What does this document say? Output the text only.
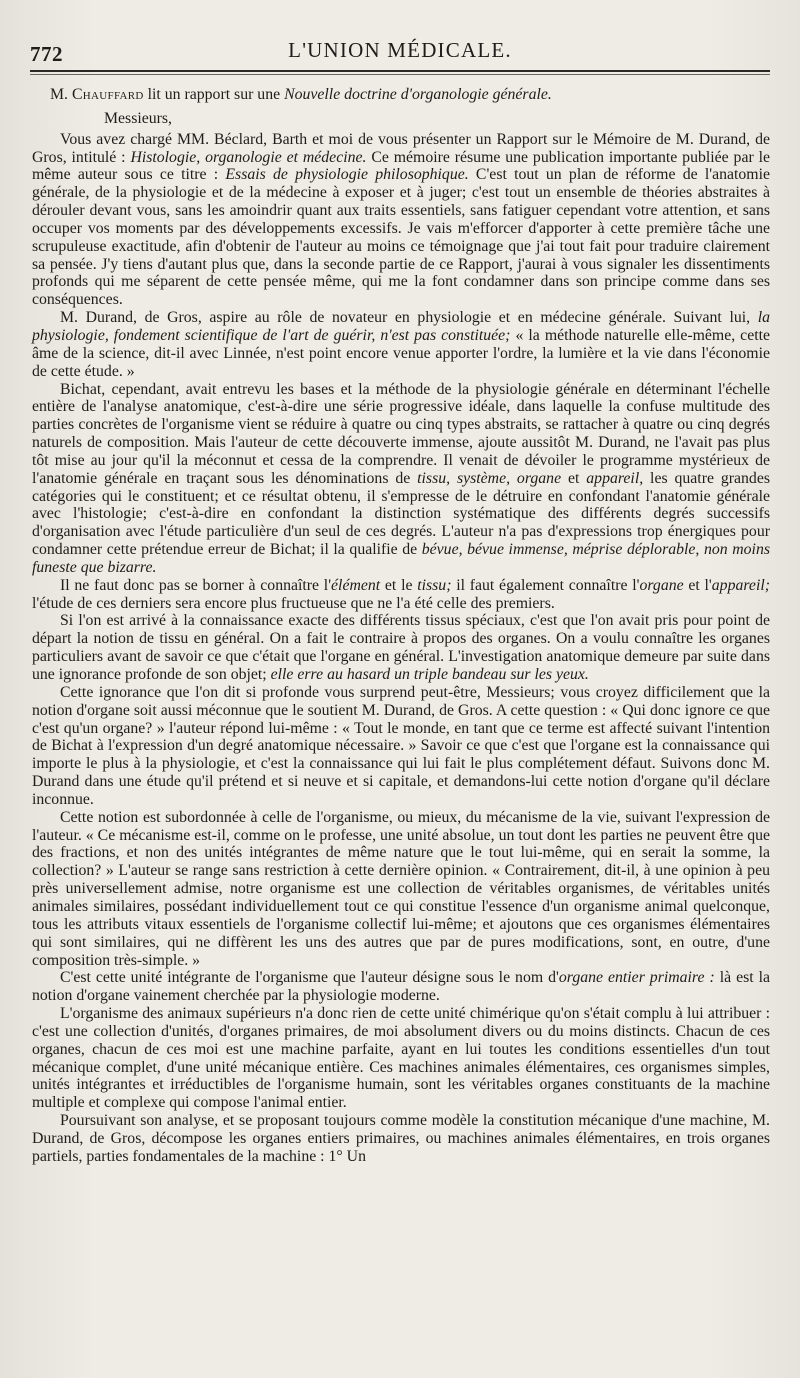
772	L'UNION MÉDICALE.

M. Chauffard lit un rapport sur une Nouvelle doctrine d'organologie générale.

Messieurs,

Vous avez chargé MM. Béclard, Barth et moi de vous présenter un Rapport sur le Mémoire de M. Durand, de Gros, intitulé : Histologie, organologie et médecine. Ce mémoire résume une publication importante publiée par le même auteur sous ce titre : Essais de physiologie philosophique. C'est tout un plan de réforme de l'anatomie générale, de la physiologie et de la médecine à exposer et à juger; c'est tout un ensemble de théories abstraites à dérouler devant vous, sans les amoindrir quant aux traits essentiels, sans fatiguer cependant votre attention, et sans occuper vos moments par des développements excessifs. Je vais m'efforcer d'apporter à cette première tâche une scrupuleuse exactitude, afin d'obtenir de l'auteur au moins ce témoignage que j'ai tout fait pour traduire clairement sa pensée. J'y tiens d'autant plus que, dans la seconde partie de ce Rapport, j'aurai à vous signaler les dissentiments profonds qui me séparent de cette pensée même, qui me la font condamner dans son principe comme dans ses conséquences.

M. Durand, de Gros, aspire au rôle de novateur en physiologie et en médecine générale. Suivant lui, la physiologie, fondement scientifique de l'art de guérir, n'est pas constituée; « la méthode naturelle elle-même, cette âme de la science, dit-il avec Linnée, n'est point encore venue apporter l'ordre, la lumière et la vie dans l'économie de cette étude. »

Bichat, cependant, avait entrevu les bases et la méthode de la physiologie générale en déterminant l'échelle entière de l'analyse anatomique, c'est-à-dire une série progressive idéale, dans laquelle la confuse multitude des parties concrètes de l'organisme vient se réduire à quatre ou cinq types abstraits, se rattacher à quatre ou cinq degrés naturels de composition. Mais l'auteur de cette découverte immense, ajoute aussitôt M. Durand, ne l'avait pas plus tôt mise au jour qu'il la méconnut et cessa de la comprendre. Il venait de dévoiler le programme mystérieux de l'anatomie générale en traçant sous les dénominations de tissu, système, organe et appareil, les quatre grandes catégories qui le constituent; et ce résultat obtenu, il s'empresse de le détruire en confondant l'anatomie générale avec l'histologie; c'est-à-dire en confondant la distinction systématique des différents degrés successifs d'organisation avec l'étude particulière d'un seul de ces degrés. L'auteur n'a pas d'expressions trop énergiques pour condamner cette prétendue erreur de Bichat; il la qualifie de bévue, bévue immense, méprise déplorable, non moins funeste que bizarre.

Il ne faut donc pas se borner à connaître l'élément et le tissu; il faut également connaître l'organe et l'appareil; l'étude de ces derniers sera encore plus fructueuse que ne l'a été celle des premiers.

Si l'on est arrivé à la connaissance exacte des différents tissus spéciaux, c'est que l'on avait pris pour point de départ la notion de tissu en général. On a fait le contraire à propos des organes. On a voulu connaître les organes particuliers avant de savoir ce que c'était que l'organe en général. L'investigation anatomique demeure par suite dans une ignorance profonde de son objet; elle erre au hasard un triple bandeau sur les yeux.

Cette ignorance que l'on dit si profonde vous surprend peut-être, Messieurs; vous croyez difficilement que la notion d'organe soit aussi méconnue que le soutient M. Durand, de Gros. A cette question : « Qui donc ignore ce que c'est qu'un organe? » l'auteur répond lui-même : « Tout le monde, en tant que ce terme est affecté suivant l'intention de Bichat à l'expression d'un degré anatomique nécessaire. » Savoir ce que c'est que l'organe est la connaissance qui importe le plus à la physiologie, et c'est la connaissance qui lui fait le plus complétement défaut. Suivons donc M. Durand dans une étude qu'il prétend et si neuve et si capitale, et demandons-lui cette notion d'organe qu'il déclare inconnue.

Cette notion est subordonnée à celle de l'organisme, ou mieux, du mécanisme de la vie, suivant l'expression de l'auteur. « Ce mécanisme est-il, comme on le professe, une unité absolue, un tout dont les parties ne peuvent être que des fractions, et non des unités intégrantes de même nature que le tout lui-même, qui en serait la somme, la collection? » L'auteur se range sans restriction à cette dernière opinion. « Contrairement, dit-il, à une opinion à peu près universellement admise, notre organisme est une collection de véritables organismes, de véritables unités animales similaires, possédant individuellement tout ce qui constitue l'essence d'un organisme animal quelconque, tous les attributs vitaux essentiels de l'organisme collectif lui-même; et ajoutons que ces organismes élémentaires qui sont similaires, qui ne diffèrent les uns des autres que par de pures modifications, sont, en outre, d'une composition très-simple. »

C'est cette unité intégrante de l'organisme que l'auteur désigne sous le nom d'organe entier primaire : là est la notion d'organe vainement cherchée par la physiologie moderne.

L'organisme des animaux supérieurs n'a donc rien de cette unité chimérique qu'on s'était complu à lui attribuer : c'est une collection d'unités, d'organes primaires, de moi absolument divers ou du moins distincts. Chacun de ces organes, chacun de ces moi est une machine parfaite, ayant en lui toutes les conditions essentielles d'un tout mécanique complet, d'une unité mécanique entière. Ces machines animales élémentaires, ces organismes simples, unités intégrantes et irréductibles de l'organisme humain, sont les véritables organes constituants de la machine multiple et complexe qui compose l'animal entier.

Poursuivant son analyse, et se proposant toujours comme modèle la constitution mécanique d'une machine, M. Durand, de Gros, décompose les organes entiers primaires, ou machines animales élémentaires, en trois organes partiels, parties fondamentales de la machine : 1° Un
